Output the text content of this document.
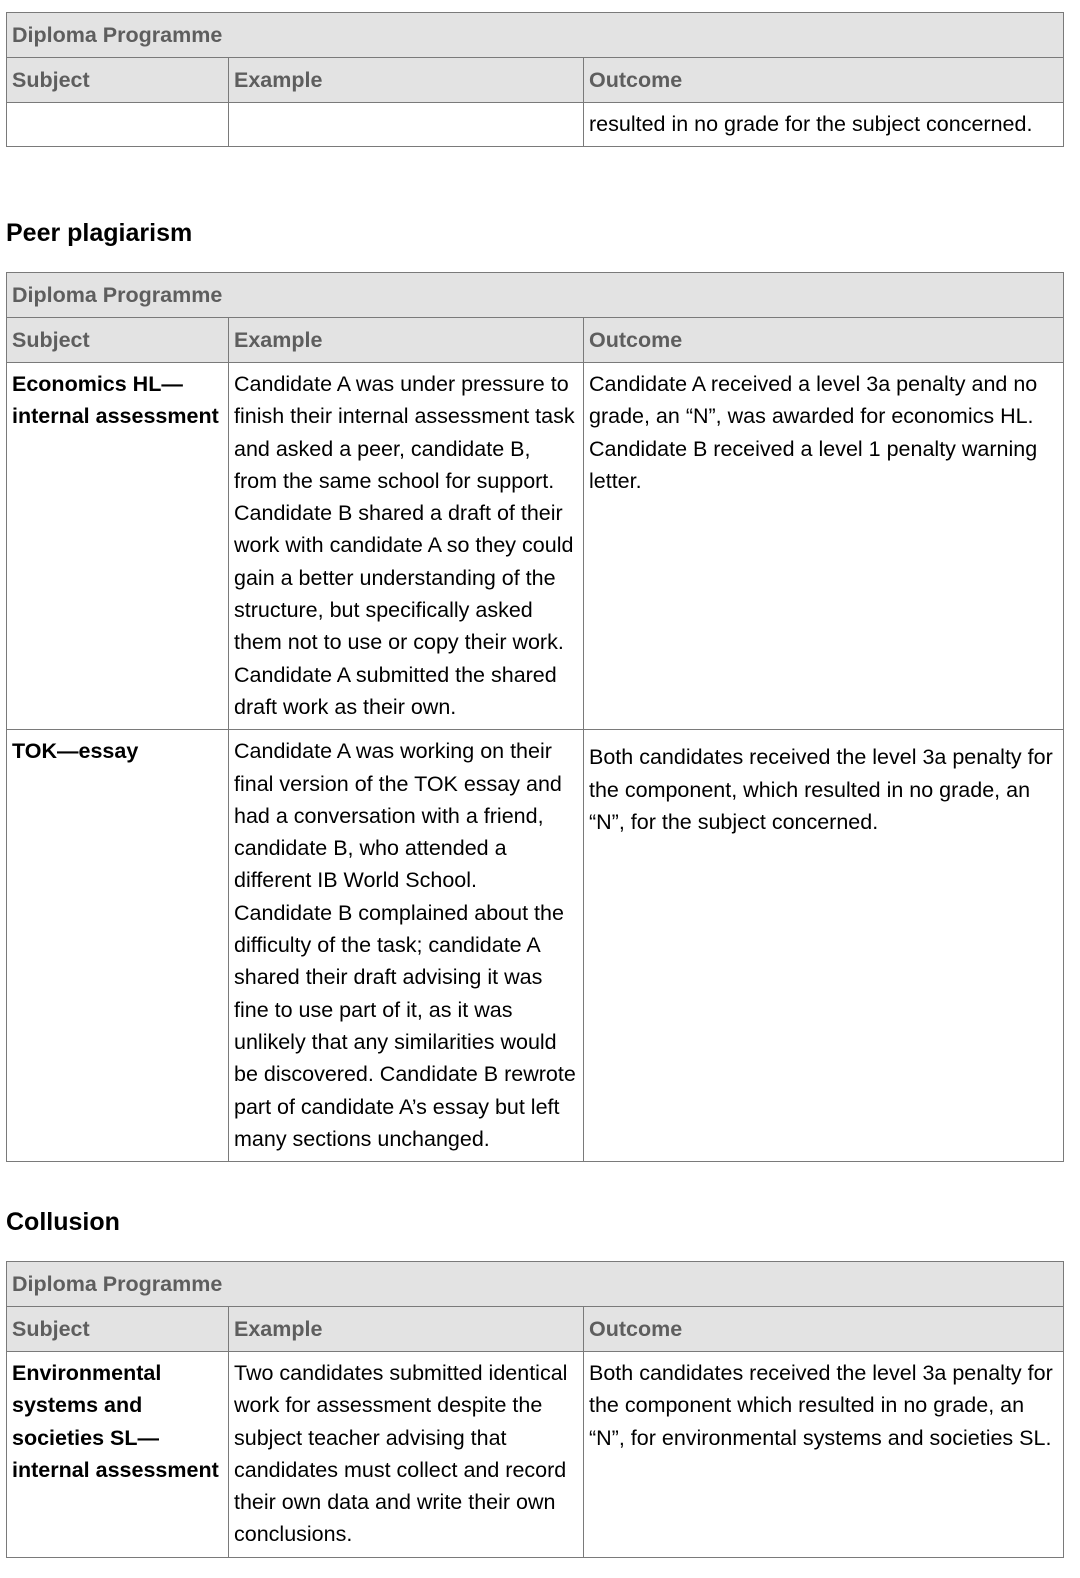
Diploma Programme		
Subject	Example	Outcome
		resulted in no grade for the subject concerned.
Peer plagiarism
Diploma Programme		
Subject	Example	Outcome
Economics HL—internal assessment	Candidate A was under pressure to finish their internal assessment task and asked a peer, candidate B, from the same school for support. Candidate B shared a draft of their work with candidate A so they could gain a better understanding of the structure, but specifically asked them not to use or copy their work. Candidate A submitted the shared draft work as their own.	Candidate A received a level 3a penalty and no grade, an “N”, was awarded for economics HL. Candidate B received a level 1 penalty warning letter.
TOK—essay	Candidate A was working on their final version of the TOK essay and had a conversation with a friend, candidate B, who attended a different IB World School. Candidate B complained about the difficulty of the task; candidate A shared their draft advising it was fine to use part of it, as it was unlikely that any similarities would be discovered. Candidate B rewrote part of candidate A’s essay but left many sections unchanged.	Both candidates received the level 3a penalty for the component, which resulted in no grade, an “N”, for the subject concerned.
Collusion
Diploma Programme		
Subject	Example	Outcome
Environmental systems and societies SL—internal assessment	Two candidates submitted identical work for assessment despite the subject teacher advising that candidates must collect and record their own data and write their own conclusions.	Both candidates received the level 3a penalty for the component which resulted in no grade, an “N”, for environmental systems and societies SL.
